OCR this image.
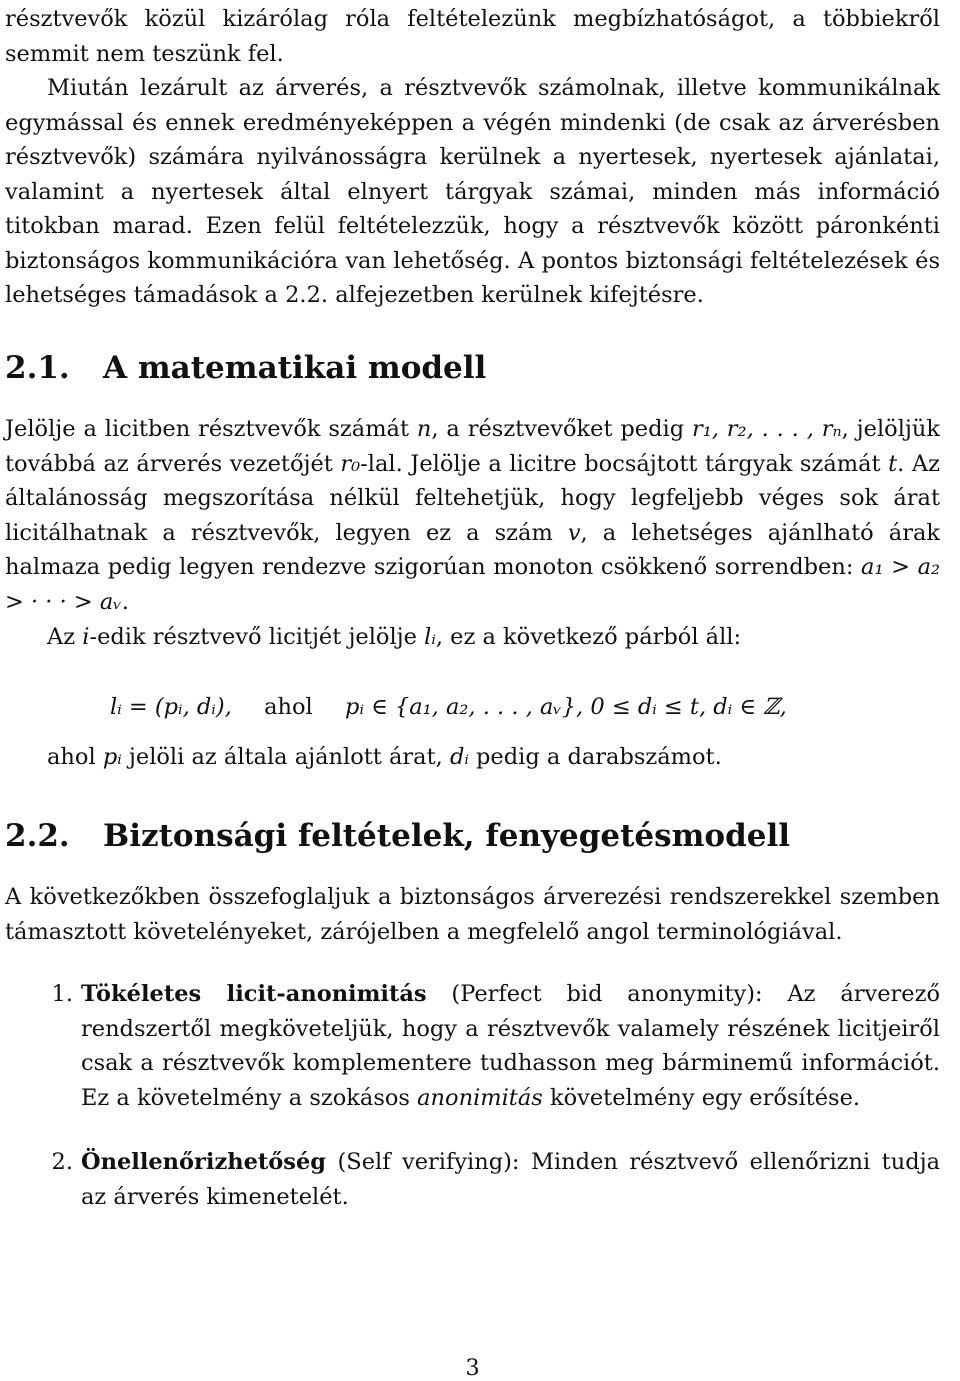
résztvevők közül kizárólag róla feltételezünk megbízhatóságot, a többiekről semmit nem teszünk fel.

Miután lezárult az árverés, a résztvevők számolnak, illetve kommunikálnak egymással és ennek eredményeképpen a végén mindenki (de csak az árverésben résztvevők) számára nyilvánosságra kerülnek a nyertesek, nyertesek ajánlatai, valamint a nyertesek által elnyert tárgyak számai, minden más információ titokban marad. Ezen felül feltételezzük, hogy a résztvevők között páronkénti biztonságos kommunikációra van lehetőség. A pontos biztonsági feltételezések és lehetséges támadások a 2.2. alfejezetben kerülnek kifejtésre.

2.1. A matematikai modell

Jelölje a licitben résztvevők számát n, a résztvevőket pedig r₁, r₂, . . . , rₙ, jelöljük továbbá az árverés vezetőjét r₀-lal. Jelölje a licitre bocsájtott tárgyak számát t. Az általánosság megszorítása nélkül feltehetjük, hogy legfeljebb véges sok árat licitálhatnak a résztvevők, legyen ez a szám v, a lehetséges ajánlható árak halmaza pedig legyen rendezve szigorúan monoton csökkenő sorrendben: a₁ > a₂ > · · · > aᵥ.

Az i-edik résztvevő licitjét jelölje lᵢ, ez a következő párból áll:

lᵢ = (pᵢ, dᵢ), ahol pᵢ ∈ {a₁, a₂, . . . , aᵥ}, 0 ≤ dᵢ ≤ t, dᵢ ∈ ℤ,

ahol pᵢ jelöli az általa ajánlott árat, dᵢ pedig a darabszámot.

2.2. Biztonsági feltételek, fenyegetésmodell

A következőkben összefoglaljuk a biztonságos árverezési rendszerekkel szemben támasztott követelényeket, zárójelben a megfelelő angol terminológiával.

1. Tökéletes licit-anonimitás (Perfect bid anonymity): Az árverező rendszertől megköveteljük, hogy a résztvevők valamely részének licitjeiről csak a résztvevők komplementere tudhasson meg bárminemű információt. Ez a követelmény a szokásos anonimitás követelmény egy erősítése.
2. Önellenőrizhetőség (Self verifying): Minden résztvevő ellenőrizni tudja az árverés kimenetelét.
3
